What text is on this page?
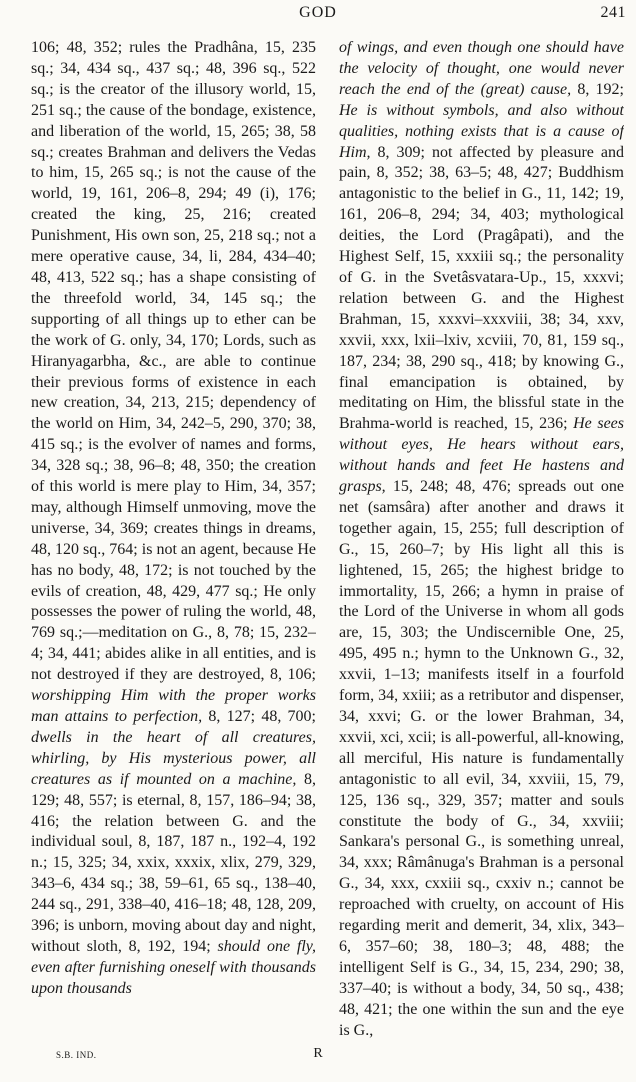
GOD	241

106; 48, 352; rules the Pradhâna, 15, 235 sq.; 34, 434 sq., 437 sq.; 48, 396 sq., 522 sq.; is the creator of the illusory world, 15, 251 sq.; the cause of the bondage, existence, and liberation of the world, 15, 265; 38, 58 sq.; creates Brahman and delivers the Vedas to him, 15, 265 sq.; is not the cause of the world, 19, 161, 206–8, 294; 49 (i), 176; created the king, 25, 216; created Punishment, His own son, 25, 218 sq.; not a mere operative cause, 34, li, 284, 434–40; 48, 413, 522 sq.; has a shape consisting of the threefold world, 34, 145 sq.; the supporting of all things up to ether can be the work of G. only, 34, 170; Lords, such as Hiranyagarbha, &c., are able to continue their previous forms of existence in each new creation, 34, 213, 215; dependency of the world on Him, 34, 242–5, 290, 370; 38, 415 sq.; is the evolver of names and forms, 34, 328 sq.; 38, 96–8; 48, 350; the creation of this world is mere play to Him, 34, 357; may, although Himself unmoving, move the universe, 34, 369; creates things in dreams, 48, 120 sq., 764; is not an agent, because He has no body, 48, 172; is not touched by the evils of creation, 48, 429, 477 sq.; He only possesses the power of ruling the world, 48, 769 sq.;—meditation on G., 8, 78; 15, 232–4; 34, 441; abides alike in all entities, and is not destroyed if they are destroyed, 8, 106; worshipping Him with the proper works man attains to perfection, 8, 127; 48, 700; dwells in the heart of all creatures, whirling, by His mysterious power, all creatures as if mounted on a machine, 8, 129; 48, 557; is eternal, 8, 157, 186–94; 38, 416; the relation between G. and the individual soul, 8, 187, 187 n., 192–4, 192 n.; 15, 325; 34, xxix, xxxix, xlix, 279, 329, 343–6, 434 sq.; 38, 59–61, 65 sq., 138–40, 244 sq., 291, 338–40, 416–18; 48, 128, 209, 396; is unborn, moving about day and night, without sloth, 8, 192, 194; should one fly, even after furnishing oneself with thousands upon thousands

of wings, and even though one should have the velocity of thought, one would never reach the end of the (great) cause, 8, 192; He is without symbols, and also without qualities, nothing exists that is a cause of Him, 8, 309; not affected by pleasure and pain, 8, 352; 38, 63–5; 48, 427; Buddhism antagonistic to the belief in G., 11, 142; 19, 161, 206–8, 294; 34, 403; mythological deities, the Lord (Pragâpati), and the Highest Self, 15, xxxiii sq.; the personality of G. in the Svetâsvatara-Up., 15, xxxvi; relation between G. and the Highest Brahman, 15, xxxvi–xxxviii, 38; 34, xxv, xxvii, xxx, lxii–lxiv, xcviii, 70, 81, 159 sq., 187, 234; 38, 290 sq., 418; by knowing G., final emancipation is obtained, by meditating on Him, the blissful state in the Brahma-world is reached, 15, 236; He sees without eyes, He hears without ears, without hands and feet He hastens and grasps, 15, 248; 48, 476; spreads out one net (samsâra) after another and draws it together again, 15, 255; full description of G., 15, 260–7; by His light all this is lightened, 15, 265; the highest bridge to immortality, 15, 266; a hymn in praise of the Lord of the Universe in whom all gods are, 15, 303; the Undiscernible One, 25, 495, 495 n.; hymn to the Unknown G., 32, xxvii, 1–13; manifests itself in a fourfold form, 34, xxiii; as a retributor and dispenser, 34, xxvi; G. or the lower Brahman, 34, xxvii, xci, xcii; is all-powerful, all-knowing, all merciful, His nature is fundamentally antagonistic to all evil, 34, xxviii, 15, 79, 125, 136 sq., 329, 357; matter and souls constitute the body of G., 34, xxviii; Sankara's personal G., is something unreal, 34, xxx; Râmânuga's Brahman is a personal G., 34, xxx, cxxiii sq., cxxiv n.; cannot be reproached with cruelty, on account of His regarding merit and demerit, 34, xlix, 343–6, 357–60; 38, 180–3; 48, 488; the intelligent Self is G., 34, 15, 234, 290; 38, 337–40; is without a body, 34, 50 sq., 438; 48, 421; the one within the sun and the eye is G.,

S.B. IND.	R
